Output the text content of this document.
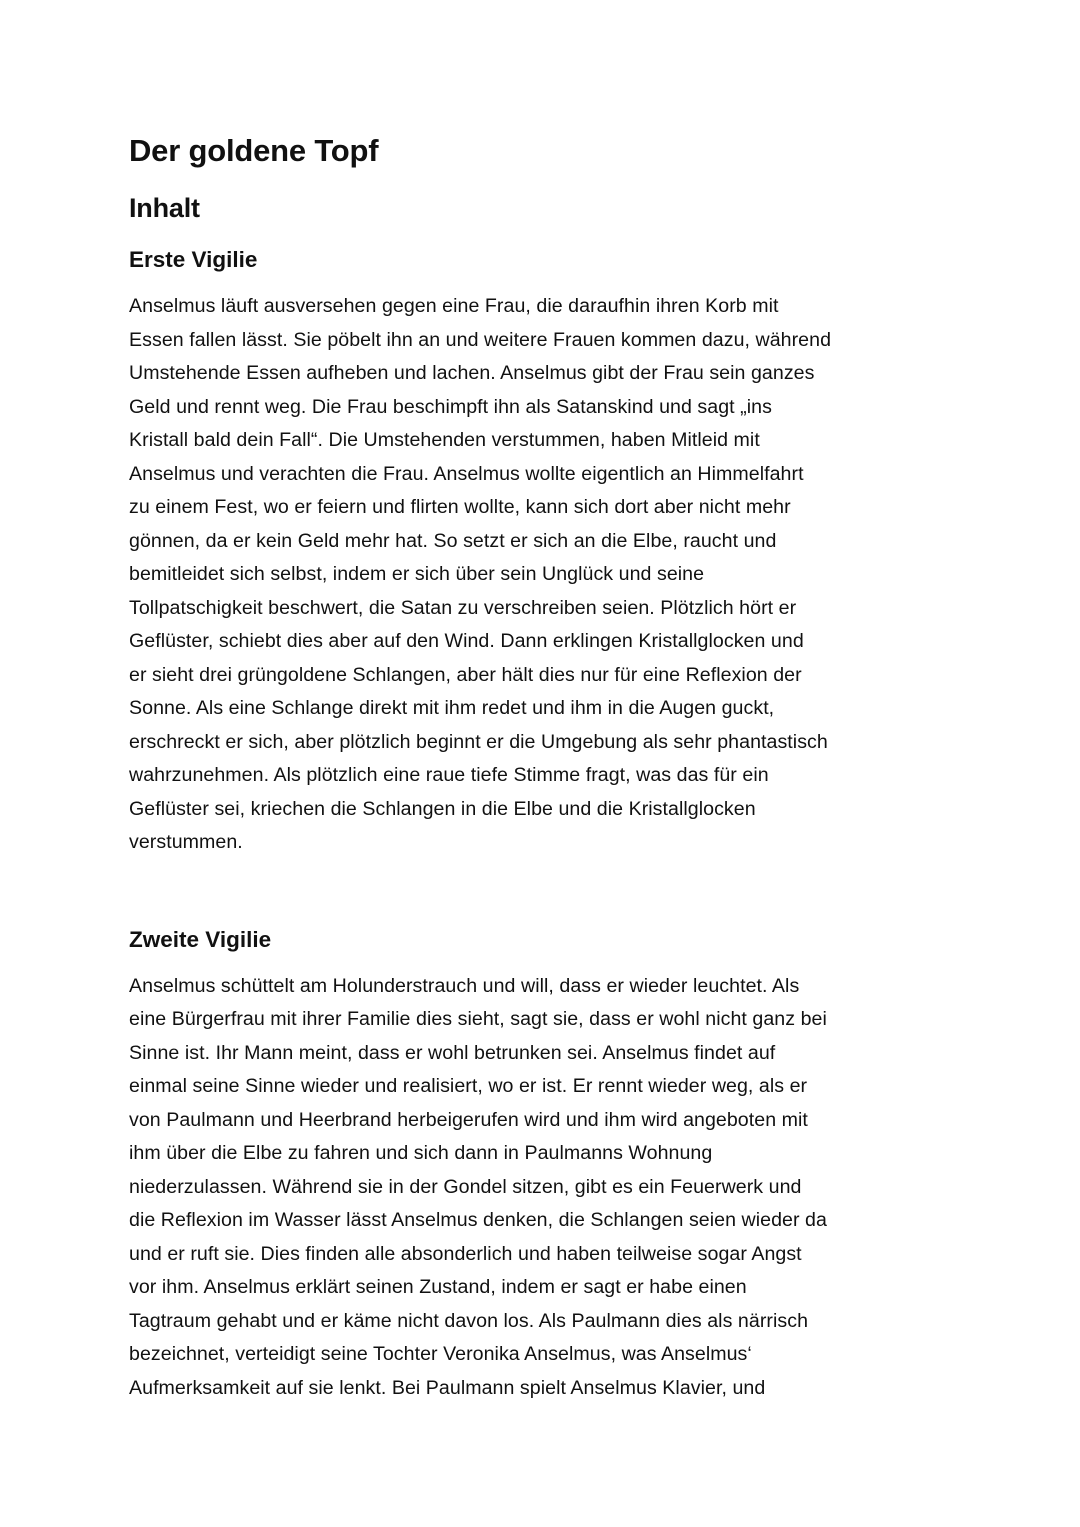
Der goldene Topf
Inhalt
Erste Vigilie

Anselmus läuft ausversehen gegen eine Frau, die daraufhin ihren Korb mit
Essen fallen lässt. Sie pöbelt ihn an und weitere Frauen kommen dazu, während
Umstehende Essen aufheben und lachen. Anselmus gibt der Frau sein ganzes
Geld und rennt weg. Die Frau beschimpft ihn als Satanskind und sagt „ins
Kristall bald dein Fall“. Die Umstehenden verstummen, haben Mitleid mit
Anselmus und verachten die Frau. Anselmus wollte eigentlich an Himmelfahrt
zu einem Fest, wo er feiern und flirten wollte, kann sich dort aber nicht mehr
gönnen, da er kein Geld mehr hat. So setzt er sich an die Elbe, raucht und
bemitleidet sich selbst, indem er sich über sein Unglück und seine
Tollpatschigkeit beschwert, die Satan zu verschreiben seien. Plötzlich hört er
Geflüster, schiebt dies aber auf den Wind. Dann erklingen Kristallglocken und
er sieht drei grüngoldene Schlangen, aber hält dies nur für eine Reflexion der
Sonne. Als eine Schlange direkt mit ihm redet und ihm in die Augen guckt,
erschreckt er sich, aber plötzlich beginnt er die Umgebung als sehr phantastisch
wahrzunehmen. Als plötzlich eine raue tiefe Stimme fragt, was das für ein
Geflüster sei, kriechen die Schlangen in die Elbe und die Kristallglocken
verstummen.

Zweite Vigilie

Anselmus schüttelt am Holunderstrauch und will, dass er wieder leuchtet. Als
eine Bürgerfrau mit ihrer Familie dies sieht, sagt sie, dass er wohl nicht ganz bei
Sinne ist. Ihr Mann meint, dass er wohl betrunken sei. Anselmus findet auf
einmal seine Sinne wieder und realisiert, wo er ist. Er rennt wieder weg, als er
von Paulmann und Heerbrand herbeigerufen wird und ihm wird angeboten mit
ihm über die Elbe zu fahren und sich dann in Paulmanns Wohnung
niederzulassen. Während sie in der Gondel sitzen, gibt es ein Feuerwerk und
die Reflexion im Wasser lässt Anselmus denken, die Schlangen seien wieder da
und er ruft sie. Dies finden alle absonderlich und haben teilweise sogar Angst
vor ihm. Anselmus erklärt seinen Zustand, indem er sagt er habe einen
Tagtraum gehabt und er käme nicht davon los. Als Paulmann dies als närrisch
bezeichnet, verteidigt seine Tochter Veronika Anselmus, was Anselmus‘
Aufmerksamkeit auf sie lenkt. Bei Paulmann spielt Anselmus Klavier, und
